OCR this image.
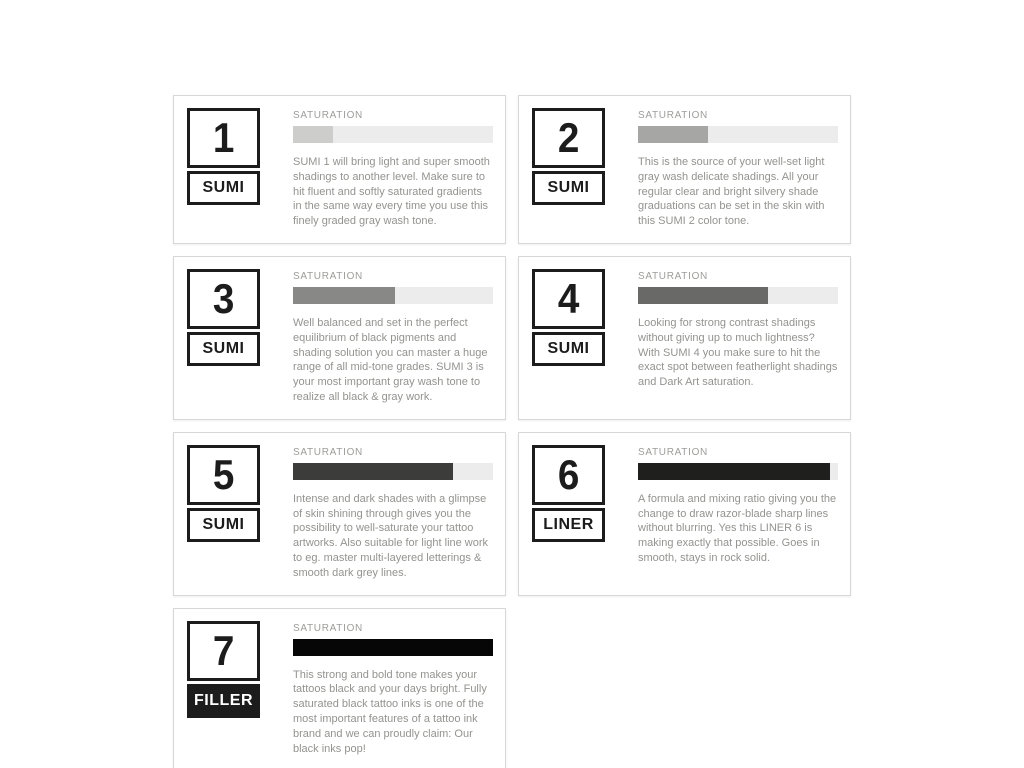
1
SUMI
SATURATION
SUMI 1 will bring light and super smooth shadings to another level. Make sure to hit fluent and softly saturated gradients in the same way every time you use this finely graded gray wash tone.
2
SUMI
SATURATION
This is the source of your well-set light gray wash delicate shadings. All your regular clear and bright silvery shade graduations can be set in the skin with this SUMI 2 color tone.
3
SUMI
SATURATION
Well balanced and set in the perfect equilibrium of black pigments and shading solution you can master a huge range of all mid-tone grades. SUMI 3 is your most important gray wash tone to realize all black & gray work.
4
SUMI
SATURATION
Looking for strong contrast shadings without giving up to much lightness? With SUMI 4 you make sure to hit the exact spot between featherlight shadings and Dark Art saturation.
5
SUMI
SATURATION
Intense and dark shades with a glimpse of skin shining through gives you the possibility to well-saturate your tattoo artworks. Also suitable for light line work to eg. master multi-layered letterings & smooth dark grey lines.
6
LINER
SATURATION
A formula and mixing ratio giving you the change to draw razor-blade sharp lines without blurring. Yes this LINER 6 is making exactly that possible. Goes in smooth, stays in rock solid.
7
FILLER
SATURATION
This strong and bold tone makes your tattoos black and your days bright. Fully saturated black tattoo inks is one of the most important features of a tattoo ink brand and we can proudly claim: Our black inks pop!
